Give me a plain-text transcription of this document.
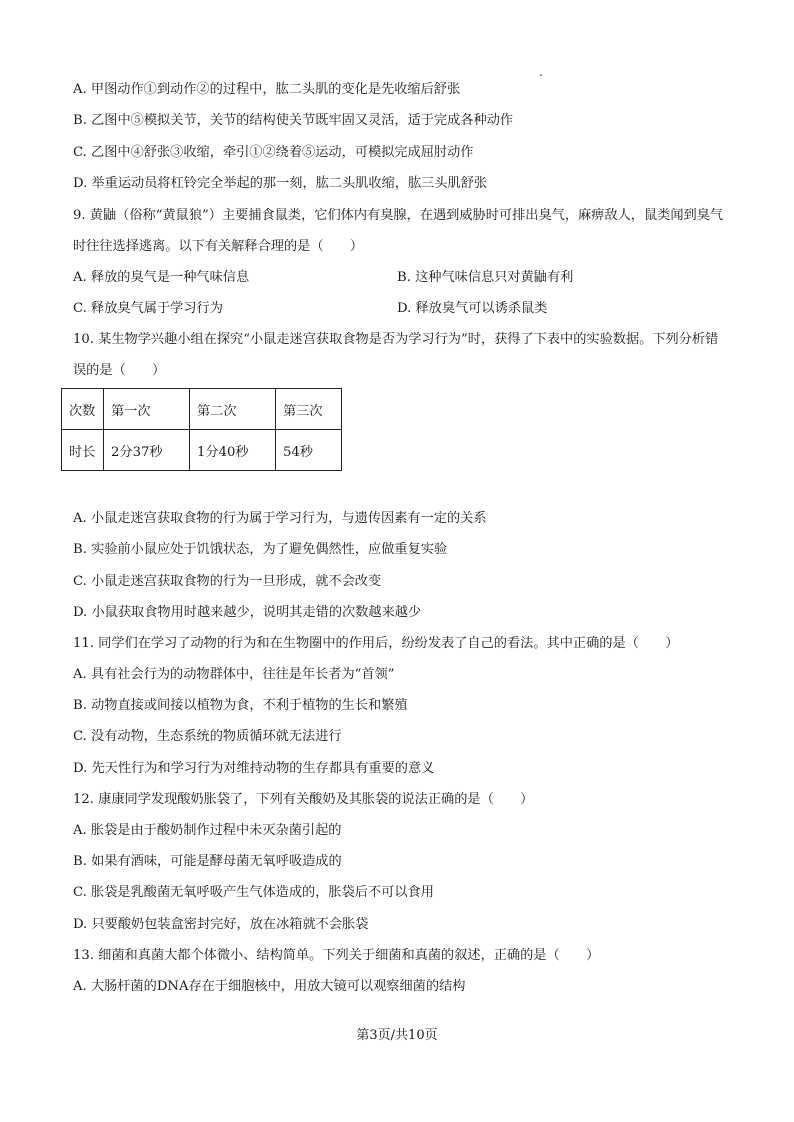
A. 甲图动作①到动作②的过程中，肱二头肌的变化是先收缩后舒张
B. 乙图中⑤模拟关节，关节的结构使关节既牢固又灵活，适于完成各种动作
C. 乙图中④舒张③收缩，牵引①②绕着⑤运动，可模拟完成屈肘动作
D. 举重运动员将杠铃完全举起的那一刻，肱二头肌收缩，肱三头肌舒张
9. 黄鼬（俗称“黄鼠狼”）主要捕食鼠类，它们体内有臭腺，在遇到威胁时可排出臭气，麻痹敌人，鼠类闻到臭气时往往选择逃离。以下有关解释合理的是（　　）
A. 释放的臭气是一种气味信息	B. 这种气味信息只对黄鼬有利
C. 释放臭气属于学习行为	D. 释放臭气可以诱杀鼠类
10. 某生物学兴趣小组在探究“小鼠走迷宫获取食物是否为学习行为”时，获得了下表中的实验数据。下列分析错误的是（　　）
次数	第一次	第二次	第三次
时长	2分37秒	1分40秒	54秒
A. 小鼠走迷宫获取食物的行为属于学习行为，与遗传因素有一定的关系
B. 实验前小鼠应处于饥饿状态，为了避免偶然性，应做重复实验
C. 小鼠走迷宫获取食物的行为一旦形成，就不会改变
D. 小鼠获取食物用时越来越少，说明其走错的次数越来越少
11. 同学们在学习了动物的行为和在生物圈中的作用后，纷纷发表了自己的看法。其中正确的是（　　）
A. 具有社会行为的动物群体中，往往是年长者为“首领”
B. 动物直接或间接以植物为食，不利于植物的生长和繁殖
C. 没有动物，生态系统的物质循环就无法进行
D. 先天性行为和学习行为对维持动物的生存都具有重要的意义
12. 康康同学发现酸奶胀袋了，下列有关酸奶及其胀袋的说法正确的是（　　）
A. 胀袋是由于酸奶制作过程中未灭杂菌引起的
B. 如果有酒味，可能是酵母菌无氧呼吸造成的
C. 胀袋是乳酸菌无氧呼吸产生气体造成的，胀袋后不可以食用
D. 只要酸奶包装盒密封完好，放在冰箱就不会胀袋
13. 细菌和真菌大都个体微小、结构简单。下列关于细菌和真菌的叙述，正确的是（　　）
A. 大肠杆菌的DNA存在于细胞核中，用放大镜可以观察细菌的结构
第3页/共10页
